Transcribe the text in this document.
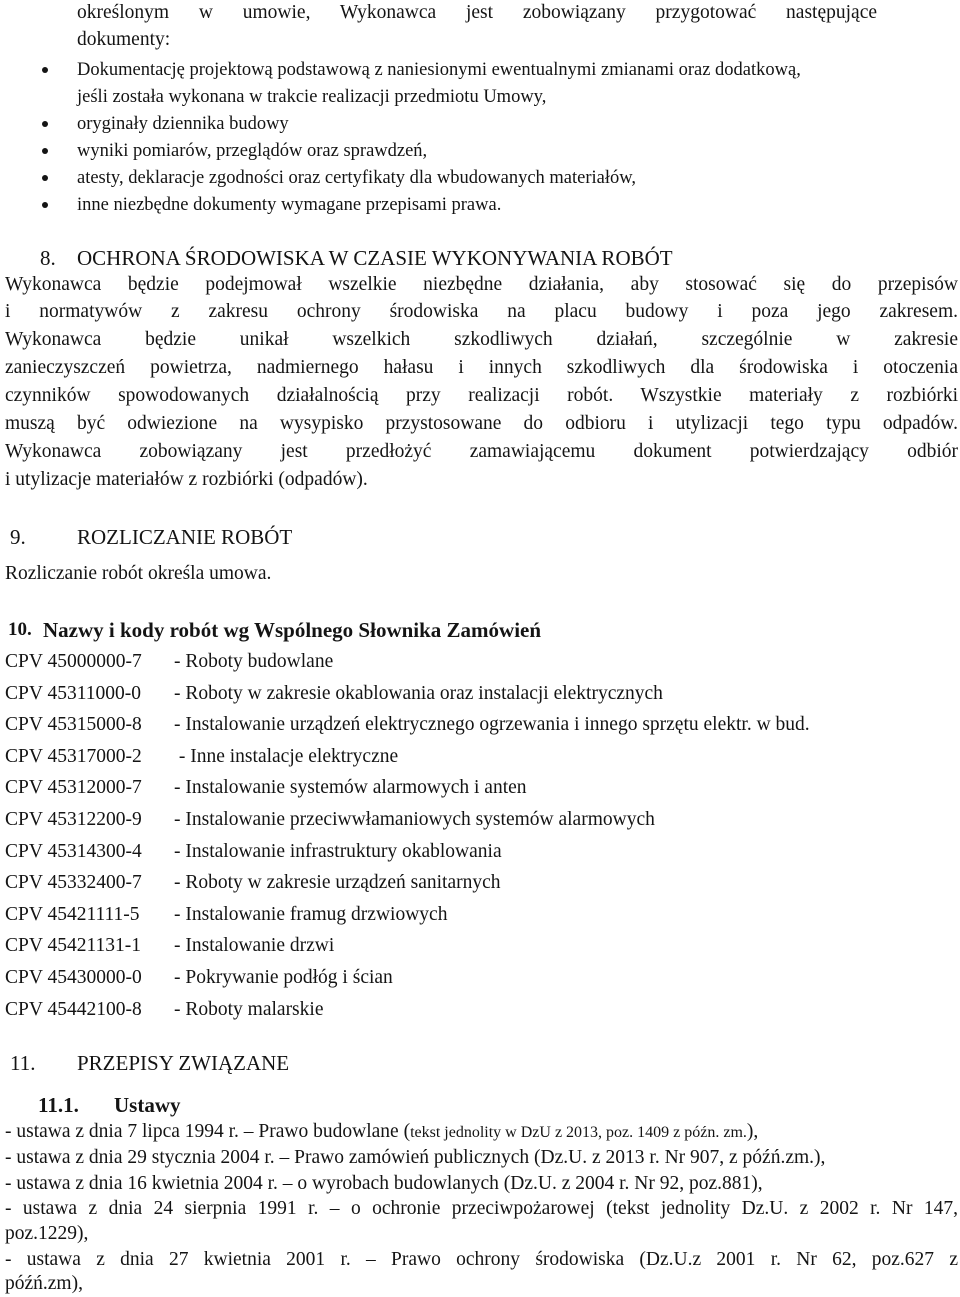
określonym w umowie, Wykonawca jest zobowiązany przygotować następujące
dokumenty:
Dokumentację projektową podstawową z naniesionymi ewentualnymi zmianami oraz dodatkową,
jeśli została wykonana w trakcie realizacji przedmiotu Umowy,
oryginały dziennika budowy
wyniki pomiarów, przeglądów oraz sprawdzeń,
atesty, deklaracje zgodności oraz certyfikaty dla wbudowanych materiałów,
inne niezbędne dokumenty wymagane przepisami prawa.
8. OCHRONA ŚRODOWISKA W CZASIE WYKONYWANIA ROBÓT
Wykonawca będzie podejmował wszelkie niezbędne działania, aby stosować się do przepisów
i normatywów z zakresu ochrony środowiska na placu budowy i poza jego zakresem.
Wykonawca będzie unikał wszelkich szkodliwych działań, szczególnie w zakresie
zanieczyszczeń powietrza, nadmiernego hałasu i innych szkodliwych dla środowiska i otoczenia
czynników spowodowanych działalnością przy realizacji robót. Wszystkie materiały z rozbiórki
muszą być odwiezione na wysypisko przystosowane do odbioru i utylizacji tego typu odpadów.
Wykonawca zobowiązany jest przedłożyć zamawiającemu dokument potwierdzający odbiór
i utylizacje materiałów z rozbiórki (odpadów).
9. ROZLICZANIE ROBÓT
Rozliczanie robót określa umowa.
10. Nazwy i kody robót wg Wspólnego Słownika Zamówień
CPV 45000000-7 - Roboty budowlane
CPV 45311000-0 - Roboty w zakresie okablowania oraz instalacji elektrycznych
CPV 45315000-8 - Instalowanie urządzeń elektrycznego ogrzewania i innego sprzętu elektr. w bud.
CPV 45317000-2 - Inne instalacje elektryczne
CPV 45312000-7 - Instalowanie systemów alarmowych i anten
CPV 45312200-9 - Instalowanie przeciwwłamaniowych systemów alarmowych
CPV 45314300-4 - Instalowanie infrastruktury okablowania
CPV 45332400-7 - Roboty w zakresie urządzeń sanitarnych
CPV 45421111-5 - Instalowanie framug drzwiowych
CPV 45421131-1 - Instalowanie drzwi
CPV 45430000-0 - Pokrywanie podłóg i ścian
CPV 45442100-8 - Roboty malarskie
11. PRZEPISY ZWIĄZANE
11.1. Ustawy
- ustawa z dnia 7 lipca 1994 r. – Prawo budowlane (tekst jednolity w DzU z 2013, poz. 1409 z późn. zm.),
- ustawa z dnia 29 stycznia 2004 r. – Prawo zamówień publicznych (Dz.U. z 2013 r. Nr 907, z późń.zm.),
- ustawa z dnia 16 kwietnia 2004 r. – o wyrobach budowlanych (Dz.U. z 2004 r. Nr 92, poz.881),
- ustawa z dnia 24 sierpnia 1991 r. – o ochronie przeciwpożarowej (tekst jednolity Dz.U. z 2002 r. Nr 147,
poz.1229),
- ustawa z dnia 27 kwietnia 2001 r. – Prawo ochrony środowiska (Dz.U.z 2001 r. Nr 62, poz.627 z
późń.zm),
